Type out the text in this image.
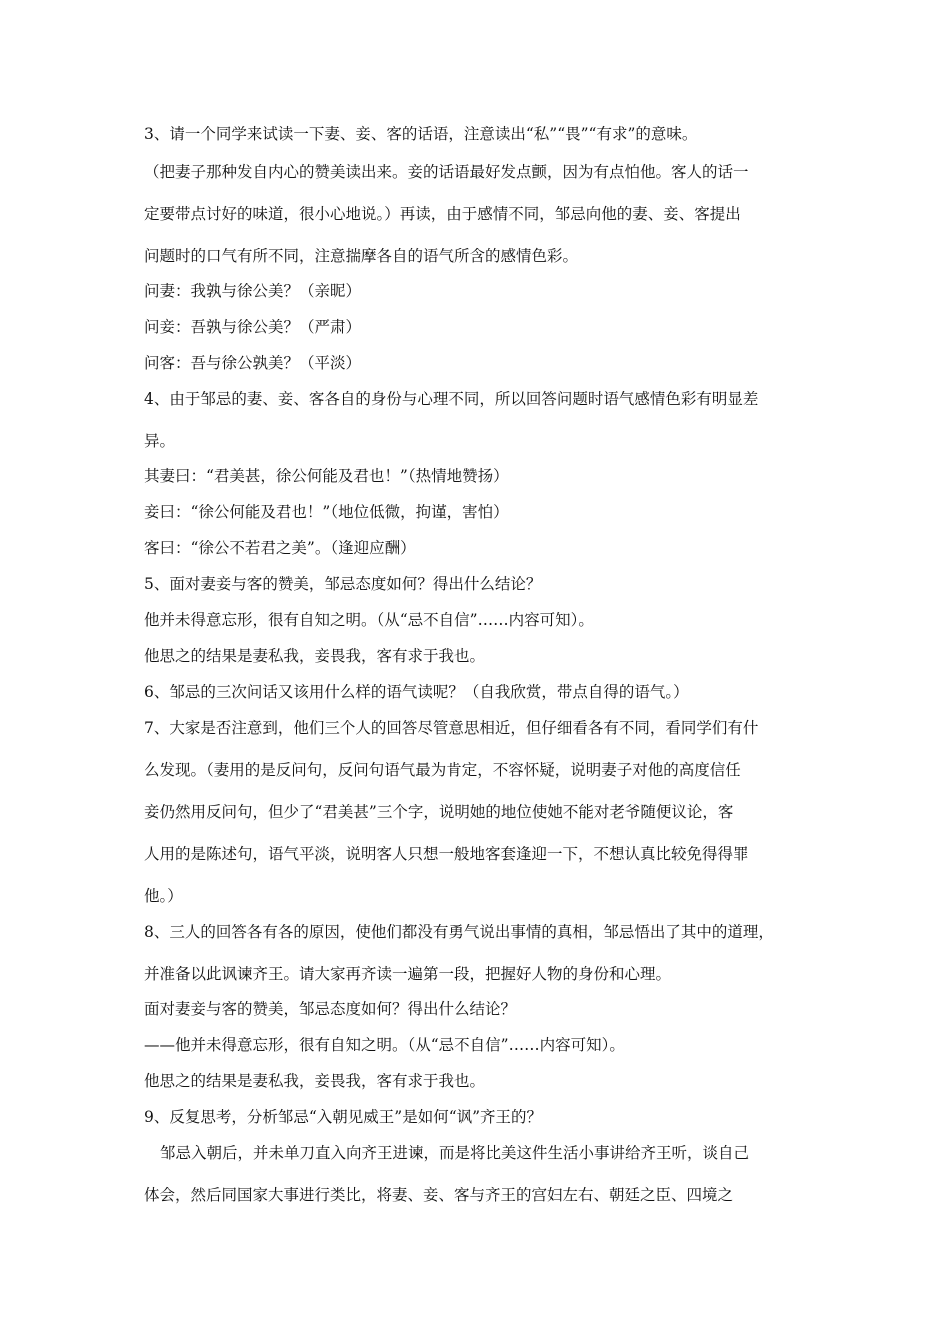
3、请一个同学来试读一下妻、妾、客的话语，注意读出“私”“畏”“有求”的意味。
（把妻子那种发自内心的赞美读出来。妾的话语最好发点颤，因为有点怕他。客人的话一
定要带点讨好的味道，很小心地说。）再读，由于感情不同，邹忌向他的妻、妾、客提出
问题时的口气有所不同，注意揣摩各自的语气所含的感情色彩。
问妻：我孰与徐公美？（亲昵）
问妾：吾孰与徐公美？（严肃）
问客：吾与徐公孰美？（平淡）
4、由于邹忌的妻、妾、客各自的身份与心理不同，所以回答问题时语气感情色彩有明显差
异。
其妻曰：“君美甚，徐公何能及君也！”（热情地赞扬）
妾曰：“徐公何能及君也！”（地位低微，拘谨，害怕）
客曰：“徐公不若君之美”。（逢迎应酬）
5、面对妻妾与客的赞美，邹忌态度如何？得出什么结论？
他并未得意忘形，很有自知之明。（从“忌不自信”……内容可知）。
他思之的结果是妻私我，妾畏我，客有求于我也。
6、邹忌的三次问话又该用什么样的语气读呢？（自我欣赏，带点自得的语气。）
7、大家是否注意到，他们三个人的回答尽管意思相近，但仔细看各有不同，看同学们有什
么发现。（妻用的是反问句，反问句语气最为肯定，不容怀疑，说明妻子对他的高度信任
妾仍然用反问句，但少了“君美甚”三个字，说明她的地位使她不能对老爷随便议论，客
人用的是陈述句，语气平淡，说明客人只想一般地客套逢迎一下，不想认真比较免得得罪
他。）
8、三人的回答各有各的原因，使他们都没有勇气说出事情的真相，邹忌悟出了其中的道理，
并准备以此讽谏齐王。请大家再齐读一遍第一段，把握好人物的身份和心理。
面对妻妾与客的赞美，邹忌态度如何？得出什么结论？
——他并未得意忘形，很有自知之明。（从“忌不自信”……内容可知）。
他思之的结果是妻私我，妾畏我，客有求于我也。
9、反复思考，分析邹忌“入朝见威王”是如何“讽”齐王的？
邹忌入朝后，并未单刀直入向齐王进谏，而是将比美这件生活小事讲给齐王听，谈自己
体会，然后同国家大事进行类比，将妻、妾、客与齐王的宫妇左右、朝廷之臣、四境之
